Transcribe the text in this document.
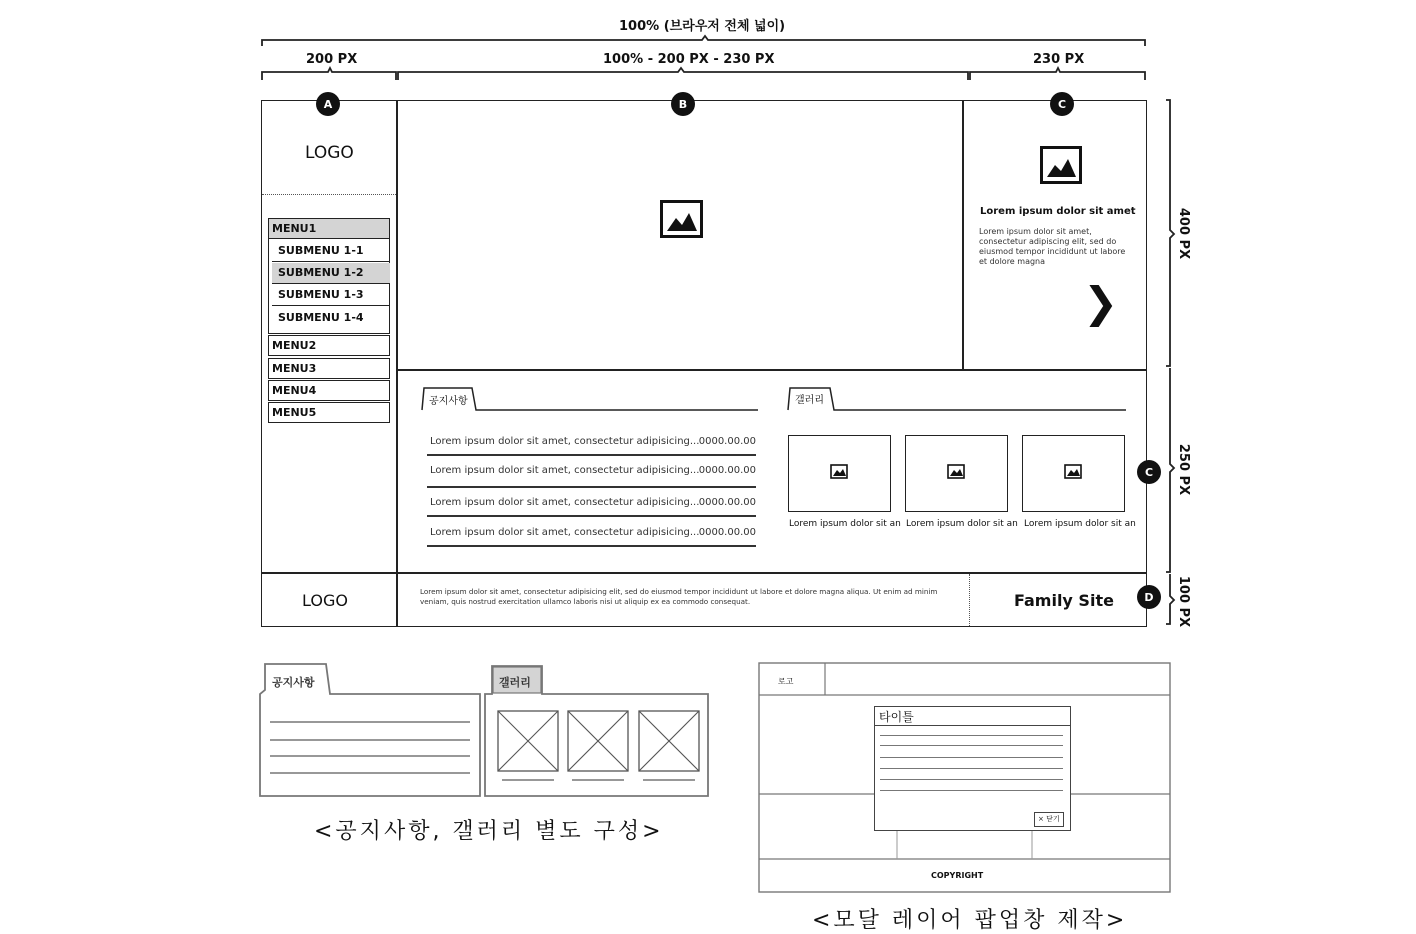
100% (브라우저 전체 넓이)
200 PX	100% - 200 PX - 230 PX	230 PX
400 PX
250 PX
100 PX
A	B	C
C
D
LOGO
MENU1
SUBMENU 1-1
SUBMENU 1-2
SUBMENU 1-3
SUBMENU 1-4
MENU2
MENU3
MENU4
MENU5
Lorem ipsum dolor sit amet
Lorem ipsum dolor sit amet, consectetur adipiscing elit, sed do eiusmod tempor incididunt ut labore et dolore magna
❯
공지사항
Lorem ipsum dolor sit amet, consectetur adipisicing... 0000.00.00
Lorem ipsum dolor sit amet, consectetur adipisicing... 0000.00.00
Lorem ipsum dolor sit amet, consectetur adipisicing... 0000.00.00
Lorem ipsum dolor sit amet, consectetur adipisicing... 0000.00.00
갤러리
Lorem ipsum dolor sit an Lorem ipsum dolor sit an Lorem ipsum dolor sit an
LOGO	Lorem ipsum dolor sit amet, consectetur adipisicing elit, sed do eiusmod tempor incididunt ut labore et dolore magna aliqua. Ut enim ad minim veniam, quis nostrud exercitation ullamco laboris nisi ut aliquip ex ea commodo consequat.	Family Site
공지사항	갤러리
<공지사항, 갤러리 별도 구성>
로고
타이틀
× 닫기
COPYRIGHT
<모달 레이어 팝업창 제작>
